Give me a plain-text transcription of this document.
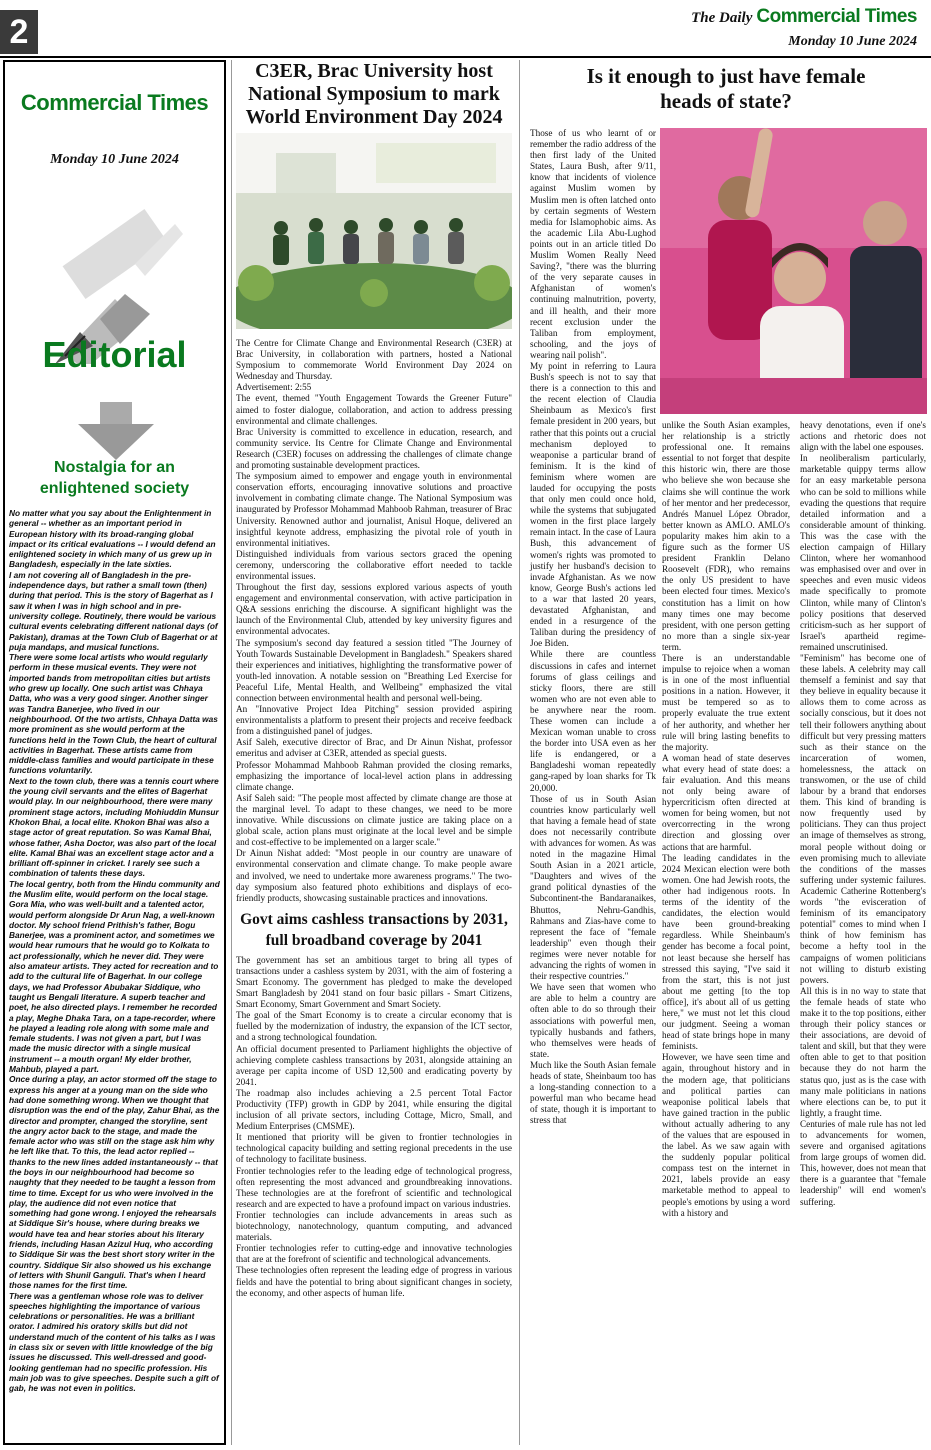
2	The Daily Commercial Times
Monday 10 June 2024
Commercial Times
Monday 10 June 2024
Editorial
Nostalgia for an
enlightened society

No matter what you say about the Enlightenment in general -- whether as an important period in European history with its broad-ranging global impact or its critical evaluations -- I would defend an enlightened society in which many of us grew up in Bangladesh, especially in the late sixties.

I am not covering all of Bangladesh in the pre-independence days, but rather a small town (then) during that period. This is the story of Bagerhat as I saw it when I was in high school and in pre-university college. Routinely, there would be various cultural events celebrating different national days (of Pakistan), dramas at the Town Club of Bagerhat or at puja mandaps, and musical functions.

There were some local artists who would regularly perform in these musical events. They were not imported bands from metropolitan cities but artists who grew up locally. One such artist was Chhaya Datta, who was a very good singer. Another singer was Tandra Banerjee, who lived in our neighbourhood. Of the two artists, Chhaya Datta was more prominent as she would perform at the functions held in the Town Club, the heart of cultural activities in Bagerhat. These artists came from middle-class families and would participate in these functions voluntarily.

Next to the town club, there was a tennis court where the young civil servants and the elites of Bagerhat would play. In our neighbourhood, there were many prominent stage actors, including Mohiuddin Munsur Khokon Bhai, a local elite. Khokon Bhai was also a stage actor of great reputation. So was Kamal Bhai, whose father, Asha Doctor, was also part of the local elite. Kamal Bhai was an excellent stage actor and a brilliant off-spinner in cricket. I rarely see such a combination of talents these days.

The local gentry, both from the Hindu community and the Muslim elite, would perform on the local stage. Gora Mia, who was well-built and a talented actor, would perform alongside Dr Arun Nag, a well-known doctor. My school friend Prithish's father, Bogu Banerjee, was a prominent actor, and sometimes we would hear rumours that he would go to Kolkata to act professionally, which he never did. They were also amateur artists. They acted for recreation and to add to the cultural life of Bagerhat. In our college days, we had Professor Abubakar Siddique, who taught us Bengali literature. A superb teacher and poet, he also directed plays. I remember he recorded a play, Meghe Dhaka Tara, on a tape-recorder, where he played a leading role along with some male and female students. I was not given a part, but I was made the music director with a single musical instrument -- a mouth organ! My elder brother, Mahbub, played a part.

Once during a play, an actor stormed off the stage to express his anger at a young man on the side who had done something wrong. When we thought that disruption was the end of the play, Zahur Bhai, as the director and prompter, changed the storyline, sent the angry actor back to the stage, and made the female actor who was still on the stage ask him why he left like that. To this, the lead actor replied -- thanks to the new lines added instantaneously -- that the boys in our neighbourhood had become so naughty that they needed to be taught a lesson from time to time. Except for us who were involved in the play, the audience did not even notice that something had gone wrong. I enjoyed the rehearsals at Siddique Sir's house, where during breaks we would have tea and hear stories about his literary friends, including Hasan Azizul Huq, who according to Siddique Sir was the best short story writer in the country. Siddique Sir also showed us his exchange of letters with Shunil Ganguli. That's when I heard those names for the first time.

There was a gentleman whose role was to deliver speeches highlighting the importance of various celebrations or personalities. He was a brilliant orator. I admired his oratory skills but did not understand much of the content of his talks as I was in class six or seven with little knowledge of the big issues he discussed. This well-dressed and good-looking gentleman had no specific profession. His main job was to give speeches. Despite such a gift of gab, he was not even in politics.

C3ER, Brac University host National Symposium to mark World Environment Day 2024

The Centre for Climate Change and Environmental Research (C3ER) at Brac University, in collaboration with partners, hosted a National Symposium to commemorate World Environment Day 2024 on Wednesday and Thursday.

Advertisement: 2:55

The event, themed "Youth Engagement Towards the Greener Future" aimed to foster dialogue, collaboration, and action to address pressing environmental and climate challenges.

Brac University is committed to excellence in education, research, and community service. Its Centre for Climate Change and Environmental Research (C3ER) focuses on addressing the challenges of climate change and promoting sustainable development practices.

The symposium aimed to empower and engage youth in environmental conservation efforts, encouraging innovative solutions and proactive involvement in combating climate change. The National Symposium was inaugurated by Professor Mohammad Mahboob Rahman, treasurer of Brac University. Renowned author and journalist, Anisul Hoque, delivered an insightful keynote address, emphasizing the pivotal role of youth in environmental initiatives.

Distinguished individuals from various sectors graced the opening ceremony, underscoring the collaborative effort needed to tackle environmental issues.

Throughout the first day, sessions explored various aspects of youth engagement and environmental conservation, with active participation in Q&A sessions enriching the discourse. A significant highlight was the launch of the Environmental Club, attended by key university figures and environmental advocates.

The symposium's second day featured a session titled "The Journey of Youth Towards Sustainable Development in Bangladesh." Speakers shared their experiences and initiatives, highlighting the transformative power of youth-led innovation. A notable session on "Breathing Led Exercise for Peaceful Life, Mental Health, and Wellbeing" emphasized the vital connection between environmental health and personal well-being.

An "Innovative Project Idea Pitching" session provided aspiring environmentalists a platform to present their projects and receive feedback from a distinguished panel of judges.

Asif Saleh, executive director of Brac, and Dr Ainun Nishat, professor emeritus and adviser at C3ER, attended as special guests.

Professor Mohammad Mahboob Rahman provided the closing remarks, emphasizing the importance of local-level action plans in addressing climate change.

Asif Saleh said: "The people most affected by climate change are those at the marginal level. To adapt to these changes, we need to be more innovative. While discussions on climate justice are taking place on a global scale, action plans must originate at the local level and be simple and cost-effective to be implemented on a larger scale."

Dr Ainun Nishat added: "Most people in our country are unaware of environmental conservation and climate change. To make people aware and involved, we need to undertake more awareness programs." The two-day symposium also featured photo exhibitions and displays of eco-friendly products, showcasing sustainable practices and innovations.

Govt aims cashless transactions by 2031, full broadband coverage by 2041

The government has set an ambitious target to bring all types of transactions under a cashless system by 2031, with the aim of fostering a Smart Economy. The government has pledged to make the developed Smart Bangladesh by 2041 stand on four basic pillars - Smart Citizens, Smart Economy, Smart Government and Smart Society.

The goal of the Smart Economy is to create a circular economy that is fuelled by the modernization of industry, the expansion of the ICT sector, and a strong technological foundation.

An official document presented to Parliament highlights the objective of achieving complete cashless transactions by 2031, alongside attaining an average per capita income of USD 12,500 and eradicating poverty by 2041.

The roadmap also includes achieving a 2.5 percent Total Factor Productivity (TFP) growth in GDP by 2041, while ensuring the digital inclusion of all private sectors, including Cottage, Micro, Small, and Medium Enterprises (CMSME).

It mentioned that priority will be given to frontier technologies in technological capacity building and setting regional precedents in the use of technology to facilitate business.

Frontier technologies refer to the leading edge of technological progress, often representing the most advanced and groundbreaking innovations. These technologies are at the forefront of scientific and technological research and are expected to have a profound impact on various industries.

Frontier technologies can include advancements in areas such as biotechnology, nanotechnology, quantum computing, and advanced materials.

Frontier technologies refer to cutting-edge and innovative technologies that are at the forefront of scientific and technological advancements.

These technologies often represent the leading edge of progress in various fields and have the potential to bring about significant changes in society, the economy, and other aspects of human life.

Is it enough to just have female
heads of state?

Those of us who learnt of or remember the radio address of the then first lady of the United States, Laura Bush, after 9/11, know that incidents of violence against Muslim women by Muslim men is often latched onto by certain segments of Western media for Islamophobic aims. As the academic Lila Abu-Lughod points out in an article titled Do Muslim Women Really Need Saving?, "there was the blurring of the very separate causes in Afghanistan of women's continuing malnutrition, poverty, and ill health, and their more recent exclusion under the Taliban from employment, schooling, and the joys of wearing nail polish".

My point in referring to Laura Bush's speech is not to say that there is a connection to this and the recent election of Claudia Sheinbaum as Mexico's first female president in 200 years, but rather that this points out a crucial mechanism deployed to weaponise a particular brand of feminism. It is the kind of feminism where women are lauded for occupying the posts that only men could once hold, while the systems that subjugated women in the first place largely remain intact. In the case of Laura Bush, this advancement of women's rights was promoted to justify her husband's decision to invade Afghanistan. As we now know, George Bush's actions led to a war that lasted 20 years, devastated Afghanistan, and ended in a resurgence of the Taliban during the presidency of Joe Biden.

While there are countless discussions in cafes and internet forums of glass ceilings and sticky floors, there are still women who are not even able to be anywhere near the room. These women can include a Mexican woman unable to cross the border into USA even as her life is endangered, or a Bangladeshi woman repeatedly gang-raped by loan sharks for Tk 20,000.

Those of us in South Asian countries know particularly well that having a female head of state does not necessarily contribute with advances for women. As was noted in the magazine Himal South Asian in a 2021 article, "Daughters and wives of the grand political dynasties of the Subcontinent-the Bandaranaikes, Bhuttos, Nehru-Gandhis, Rahmans and Zias-have come to represent the face of "female leadership" even though their regimes were never notable for advancing the rights of women in their respective countries."

We have seen that women who are able to helm a country are often able to do so through their associations with powerful men, typically husbands and fathers, who themselves were heads of state.

Much like the South Asian female heads of state, Sheinbaum too has a long-standing connection to a powerful man who became head of state, though it is important to stress that

unlike the South Asian examples, her relationship is a strictly professional one. It remains essential to not forget that despite this historic win, there are those who believe she won because she claims she will continue the work of her mentor and her predecessor, Andrés Manuel López Obrador, better known as AMLO. AMLO's popularity makes him akin to a figure such as the former US president Franklin Delano Roosevelt (FDR), who remains the only US president to have been elected four times. Mexico's constitution has a limit on how many times one may become president, with one person getting no more than a single six-year term.

There is an understandable impulse to rejoice when a woman is in one of the most influential positions in a nation. However, it must be tempered so as to properly evaluate the true extent of her authority, and whether her rule will bring lasting benefits to the majority.

A woman head of state deserves what every head of state does: a fair evaluation. And this means not only being aware of hypercriticism often directed at women for being women, but not overcorrecting in the wrong direction and glossing over actions that are harmful.

The leading candidates in the 2024 Mexican election were both women. One had Jewish roots, the other had indigenous roots. In terms of the identity of the candidates, the election would have been ground-breaking regardless. While Sheinbaum's gender has become a focal point, not least because she herself has stressed this saying, "I've said it from the start, this is not just about me getting [to the top office], it's about all of us getting here," we must not let this cloud our judgment. Seeing a woman head of state brings hope in many feminists.

However, we have seen time and again, throughout history and in the modern age, that politicians and political parties can weaponise political labels that have gained traction in the public without actually adhering to any of the values that are espoused in the label. As we saw again with the suddenly popular political compass test on the internet in 2021, labels provide an easy marketable method to appeal to people's emotions by using a word with a history and

heavy denotations, even if one's actions and rhetoric does not align with the label one espouses.

In neoliberalism particularly, marketable quippy terms allow for an easy marketable persona who can be sold to millions while evading the questions that require detailed information and a considerable amount of thinking. This was the case with the election campaign of Hillary Clinton, where her womanhood was emphasised over and over in speeches and even music videos made specifically to promote Clinton, while many of Clinton's policy positions that deserved criticism-such as her support of Israel's apartheid regime-remained unscrutinised.

"Feminism" has become one of these labels. A celebrity may call themself a feminist and say that they believe in equality because it allows them to come across as socially conscious, but it does not tell their followers anything about difficult but very pressing matters such as their stance on the incarceration of women, homelessness, the attack on transwomen, or the use of child labour by a brand that endorses them. This kind of branding is now frequently used by politicians. They can thus project an image of themselves as strong, moral people without doing or even promising much to alleviate the conditions of the masses suffering under systemic failures. Academic Catherine Rottenberg's words "the evisceration of feminism of its emancipatory potential" comes to mind when I think of how feminism has become a hefty tool in the campaigns of women politicians not willing to disturb existing powers.

All this is in no way to state that the female heads of state who make it to the top positions, either through their policy stances or their associations, are devoid of talent and skill, but that they were often able to get to that position because they do not harm the status quo, just as is the case with many male politicians in nations where elections can be, to put it lightly, a fraught time.

Centuries of male rule has not led to advancements for women, severe and organised agitations from large groups of women did. This, however, does not mean that there is a guarantee that "female leadership" will end women's suffering.
